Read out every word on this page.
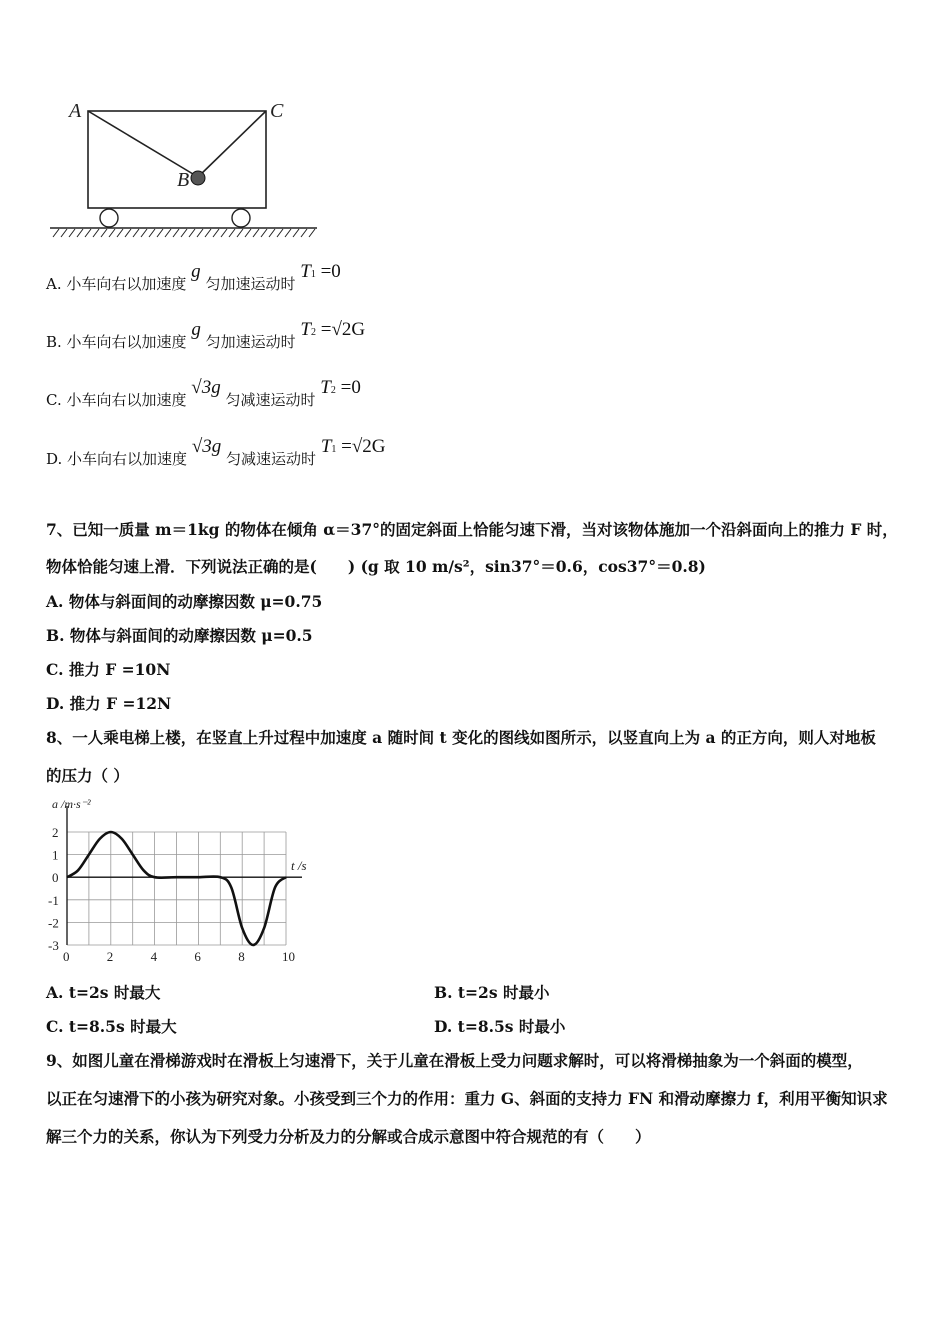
A	C
B
A. 小车向右以加速度 g 匀加速运动时 T1 =0
B. 小车向右以加速度 g 匀加速运动时 T2 =√2G
C. 小车向右以加速度 √3g 匀减速运动时 T2 =0
D. 小车向右以加速度 √3g 匀减速运动时 T1 =√2G
7、已知一质量 m＝1kg 的物体在倾角 α＝37°的固定斜面上恰能匀速下滑，当对该物体施加一个沿斜面向上的推力 F 时，
物体恰能匀速上滑．下列说法正确的是(　　) (g 取 10 m/s²，sin37°＝0.6，cos37°＝0.8)
A. 物体与斜面间的动摩擦因数 μ=0.75
B. 物体与斜面间的动摩擦因数 μ=0.5
C. 推力 F =10N
D. 推力 F =12N
8、一人乘电梯上楼，在竖直上升过程中加速度 a 随时间 t 变化的图线如图所示，以竖直向上为 a 的正方向，则人对地板
的压力（ ）
0	2	4	6	8	10
2
1
0
-1
-2
-3
a /m·s⁻²
t /s
A. t=2s 时最大	B. t=2s 时最小
C. t=8.5s 时最大	D. t=8.5s 时最小
9、如图儿童在滑梯游戏时在滑板上匀速滑下，关于儿童在滑板上受力问题求解时，可以将滑梯抽象为一个斜面的模型，
以正在匀速滑下的小孩为研究对象。小孩受到三个力的作用：重力 G、斜面的支持力 FN 和滑动摩擦力 f，利用平衡知识求
解三个力的关系，你认为下列受力分析及力的分解或合成示意图中符合规范的有（　　）
